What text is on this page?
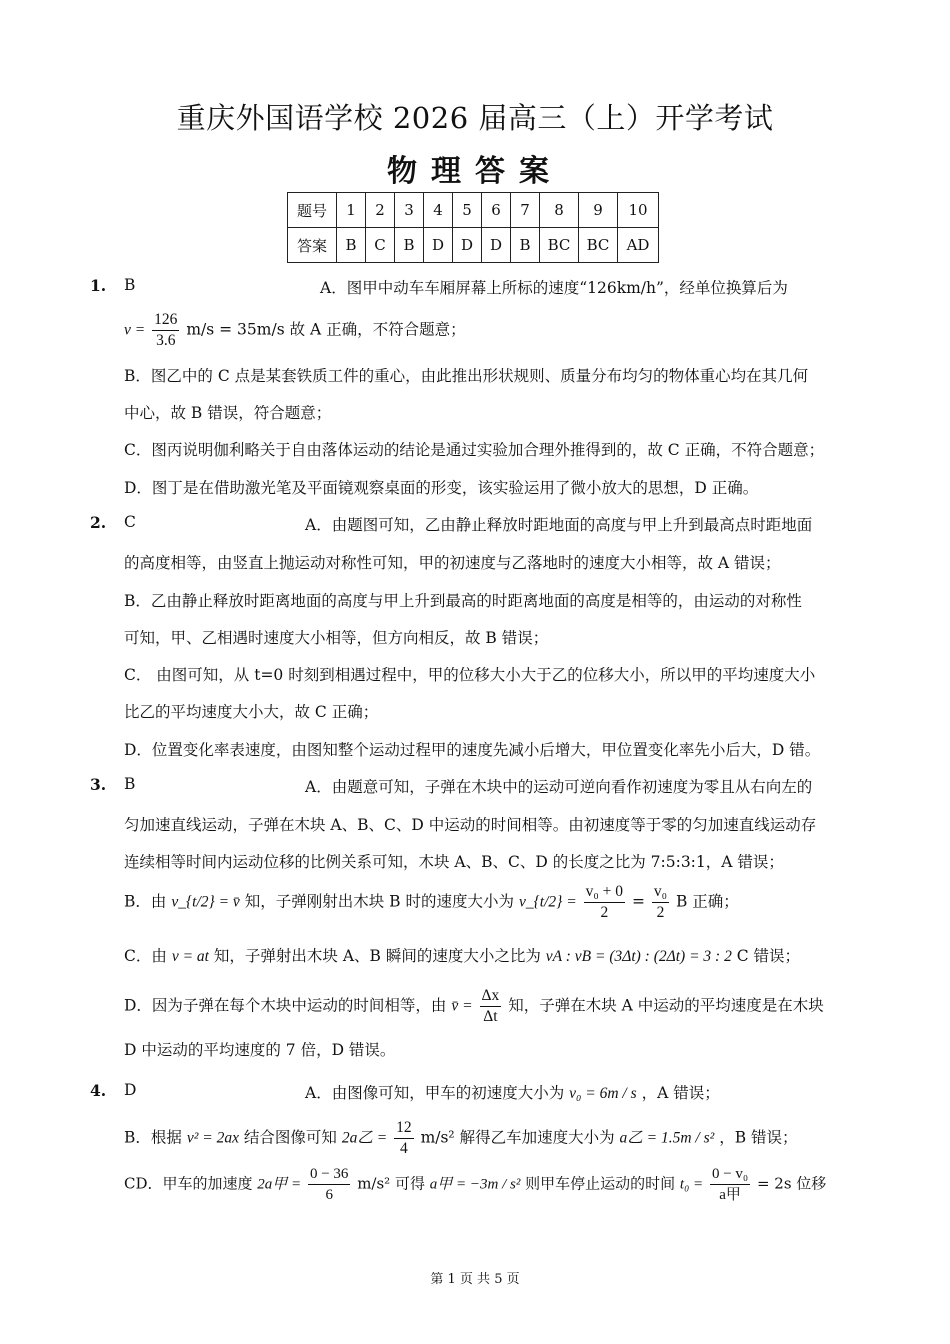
重庆外国语学校 2026 届高三（上）开学考试
物理答案
题号	1	2	3	4	5	6	7	8	9	10
答案	B	C	B	D	D	D	B	BC	BC	AD
1. B	A．图甲中动车车厢屏幕上所标的速度“126km/h”，经单位换算后为
$v = \frac{126}{3.6} m/s = 35m/s$ 故 A 正确，不符合题意；
B．图乙中的 C 点是某套铁质工件的重心，由此推出形状规则、质量分布均匀的物体重心均在其几何
中心，故 B 错误，符合题意；
C．图丙说明伽利略关于自由落体运动的结论是通过实验加合理外推得到的，故 C 正确，不符合题意；
D．图丁是在借助激光笔及平面镜观察桌面的形变，该实验运用了微小放大的思想，D 正确。
2. C	A．由题图可知，乙由静止释放时距地面的高度与甲上升到最高点时距地面
的高度相等，由竖直上抛运动对称性可知，甲的初速度与乙落地时的速度大小相等，故 A 错误；
B．乙由静止释放时距离地面的高度与甲上升到最高的时距离地面的高度是相等的，由运动的对称性
可知，甲、乙相遇时速度大小相等，但方向相反，故 B 错误；
C． 由图可知，从 t=0 时刻到相遇过程中，甲的位移大小大于乙的位移大小，所以甲的平均速度大小
比乙的平均速度大小大，故 C 正确；
D．位置变化率表速度，由图知整个运动过程甲的速度先减小后增大，甲位置变化率先小后大，D 错。
3. B	A．由题意可知，子弹在木块中的运动可逆向看作初速度为零且从右向左的
匀加速直线运动，子弹在木块 A、B、C、D 中运动的时间相等。由初速度等于零的匀加速直线运动存
连续相等时间内运动位移的比例关系可知，木块 A、B、C、D 的长度之比为 7:5:3:1，A 错误；
B．由 v_{t/2} = v̄ 知，子弹刚射出木块 B 时的速度大小为 v_{t/2} = $\frac{\text{v₀ + 0}}{2} = \frac{\text{v₀}}{2}$ B 正确；
C．由 v = at 知，子弹射出木块 A、B 瞬间的速度大小之比为 vA : vB = (3Δt) : (2Δt) = 3 : 2 C 错误；
D．因为子弹在每个木块中运动的时间相等，由 v̄ = $\frac{\Delta x}{\Delta t}$ 知，子弹在木块 A 中运动的平均速度是在木块
D 中运动的平均速度的 7 倍，D 错误。
4. D	A．由图像可知，甲车的初速度大小为 v₀ = 6m / s ，A 错误；
B．根据 v² = 2ax 结合图像可知 2a乙 = $\frac{12}{4} m/s^2$ 解得乙车加速度大小为 a乙 = 1.5m / s² ，B 错误；
CD．甲车的加速度 2a甲 = $\frac{0 - 36}{6} m/s^2$ 可得 a甲 = −3m / s² 则甲车停止运动的时间 $t_0 = \frac{\text{0 − v₀}}{\text{a甲}} = 2s$ 位移
第 1 页 共 5 页
